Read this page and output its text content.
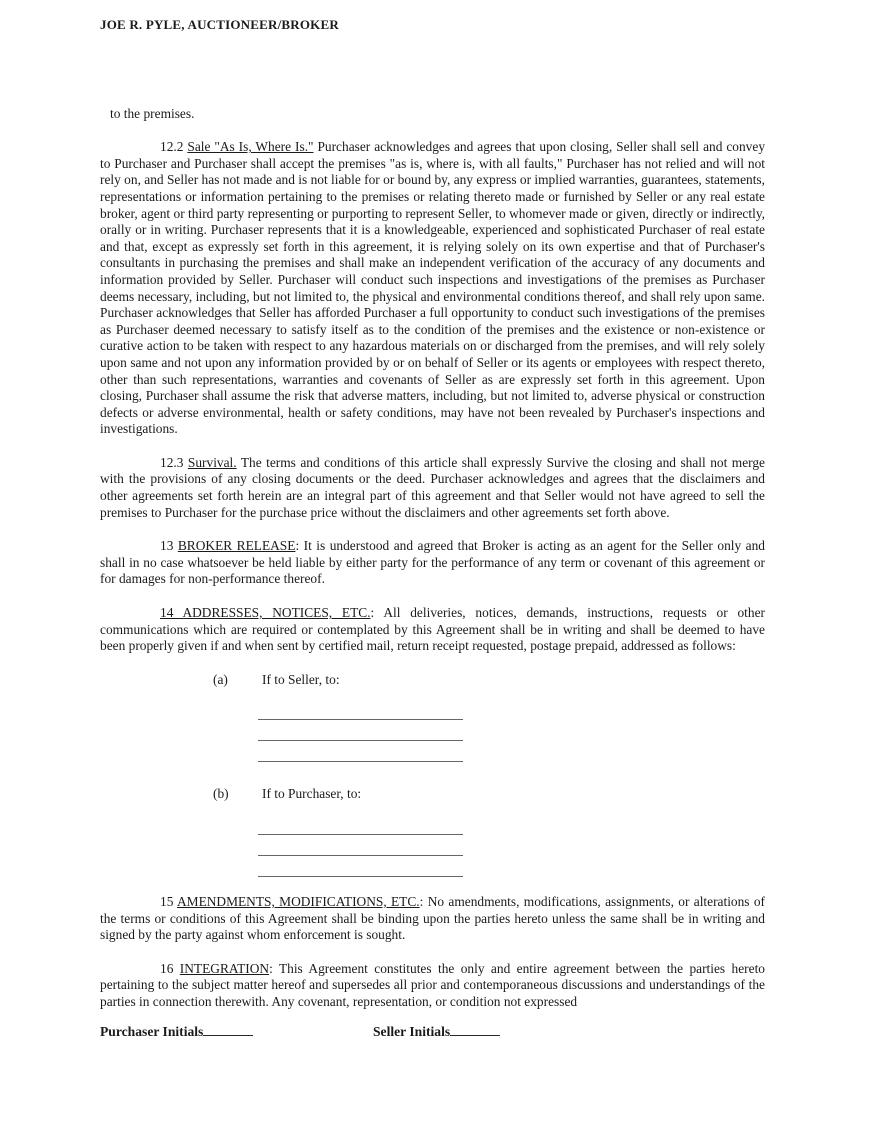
JOE R. PYLE, AUCTIONEER/BROKER

to the premises.

12.2 Sale "As Is, Where Is." Purchaser acknowledges and agrees that upon closing, Seller shall sell and convey to Purchaser and Purchaser shall accept the premises "as is, where is, with all faults," Purchaser has not relied and will not rely on, and Seller has not made and is not liable for or bound by, any express or implied warranties, guarantees, statements, representations or information pertaining to the premises or relating thereto made or furnished by Seller or any real estate broker, agent or third party representing or purporting to represent Seller, to whomever made or given, directly or indirectly, orally or in writing. Purchaser represents that it is a knowledgeable, experienced and sophisticated Purchaser of real estate and that, except as expressly set forth in this agreement, it is relying solely on its own expertise and that of Purchaser's consultants in purchasing the premises and shall make an independent verification of the accuracy of any documents and information provided by Seller. Purchaser will conduct such inspections and investigations of the premises as Purchaser deems necessary, including, but not limited to, the physical and environmental conditions thereof, and shall rely upon same. Purchaser acknowledges that Seller has afforded Purchaser a full opportunity to conduct such investigations of the premises as Purchaser deemed necessary to satisfy itself as to the condition of the premises and the existence or non-existence or curative action to be taken with respect to any hazardous materials on or discharged from the premises, and will rely solely upon same and not upon any information provided by or on behalf of Seller or its agents or employees with respect thereto, other than such representations, warranties and covenants of Seller as are expressly set forth in this agreement. Upon closing, Purchaser shall assume the risk that adverse matters, including, but not limited to, adverse physical or construction defects or adverse environmental, health or safety conditions, may have not been revealed by Purchaser's inspections and investigations.

12.3 Survival. The terms and conditions of this article shall expressly Survive the closing and shall not merge with the provisions of any closing documents or the deed. Purchaser acknowledges and agrees that the disclaimers and other agreements set forth herein are an integral part of this agreement and that Seller would not have agreed to sell the premises to Purchaser for the purchase price without the disclaimers and other agreements set forth above.

13 BROKER RELEASE: It is understood and agreed that Broker is acting as an agent for the Seller only and shall in no case whatsoever be held liable by either party for the performance of any term or covenant of this agreement or for damages for non-performance thereof.

14 ADDRESSES, NOTICES, ETC.: All deliveries, notices, demands, instructions, requests or other communications which are required or contemplated by this Agreement shall be in writing and shall be deemed to have been properly given if and when sent by certified mail, return receipt requested, postage prepaid, addressed as follows:

(a)	If to Seller, to:
(b) If to Purchaser, to:

15 AMENDMENTS, MODIFICATIONS, ETC.: No amendments, modifications, assignments, or alterations of the terms or conditions of this Agreement shall be binding upon the parties hereto unless the same shall be in writing and signed by the party against whom enforcement is sought.

16 INTEGRATION: This Agreement constitutes the only and entire agreement between the parties hereto pertaining to the subject matter hereof and supersedes all prior and contemporaneous discussions and understandings of the parties in connection therewith. Any covenant, representation, or condition not expressed

Purchaser Initials	Seller Initials
